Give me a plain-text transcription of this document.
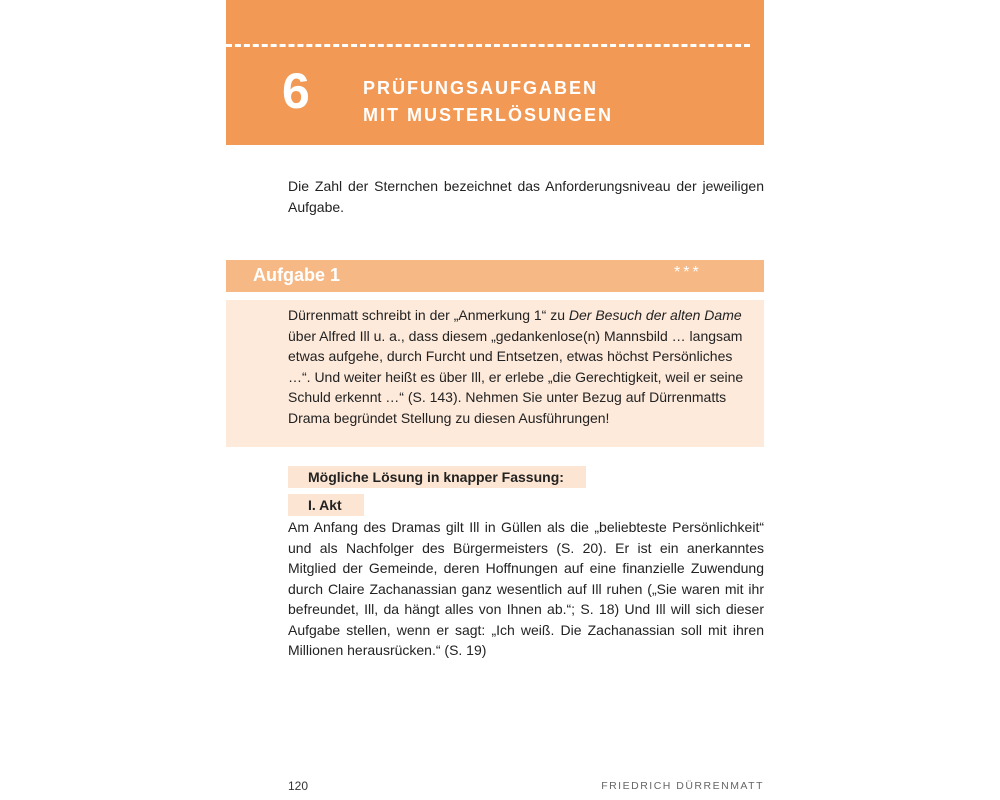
6	PRÜFUNGSAUFGABEN
MIT MUSTERLÖSUNGEN
Die Zahl der Sternchen bezeichnet das Anforderungsniveau der jeweiligen Aufgabe.
Aufgabe 1	***
Dürrenmatt schreibt in der „Anmerkung 1“ zu Der Besuch der alten Dame über Alfred Ill u. a., dass diesem „gedankenlose(n) Mannsbild … langsam etwas aufgehe, durch Furcht und Entsetzen, etwas höchst Persönliches …“. Und weiter heißt es über Ill, er erlebe „die Gerechtigkeit, weil er seine Schuld erkennt …“ (S. 143). Nehmen Sie unter Bezug auf Dürrenmatts Drama begründet Stellung zu diesen Ausführungen!
Mögliche Lösung in knapper Fassung:
I. Akt
Am Anfang des Dramas gilt Ill in Güllen als die „beliebteste Persönlichkeit“ und als Nachfolger des Bürgermeisters (S. 20). Er ist ein anerkanntes Mitglied der Gemeinde, deren Hoffnungen auf eine finanzielle Zuwendung durch Claire Zachanassian ganz wesentlich auf Ill ruhen („Sie waren mit ihr befreundet, Ill, da hängt alles von Ihnen ab.“; S. 18) Und Ill will sich dieser Aufgabe stellen, wenn er sagt: „Ich weiß. Die Zachanassian soll mit ihren Millionen herausrücken.“ (S. 19)
120	FRIEDRICH DÜRRENMATT
